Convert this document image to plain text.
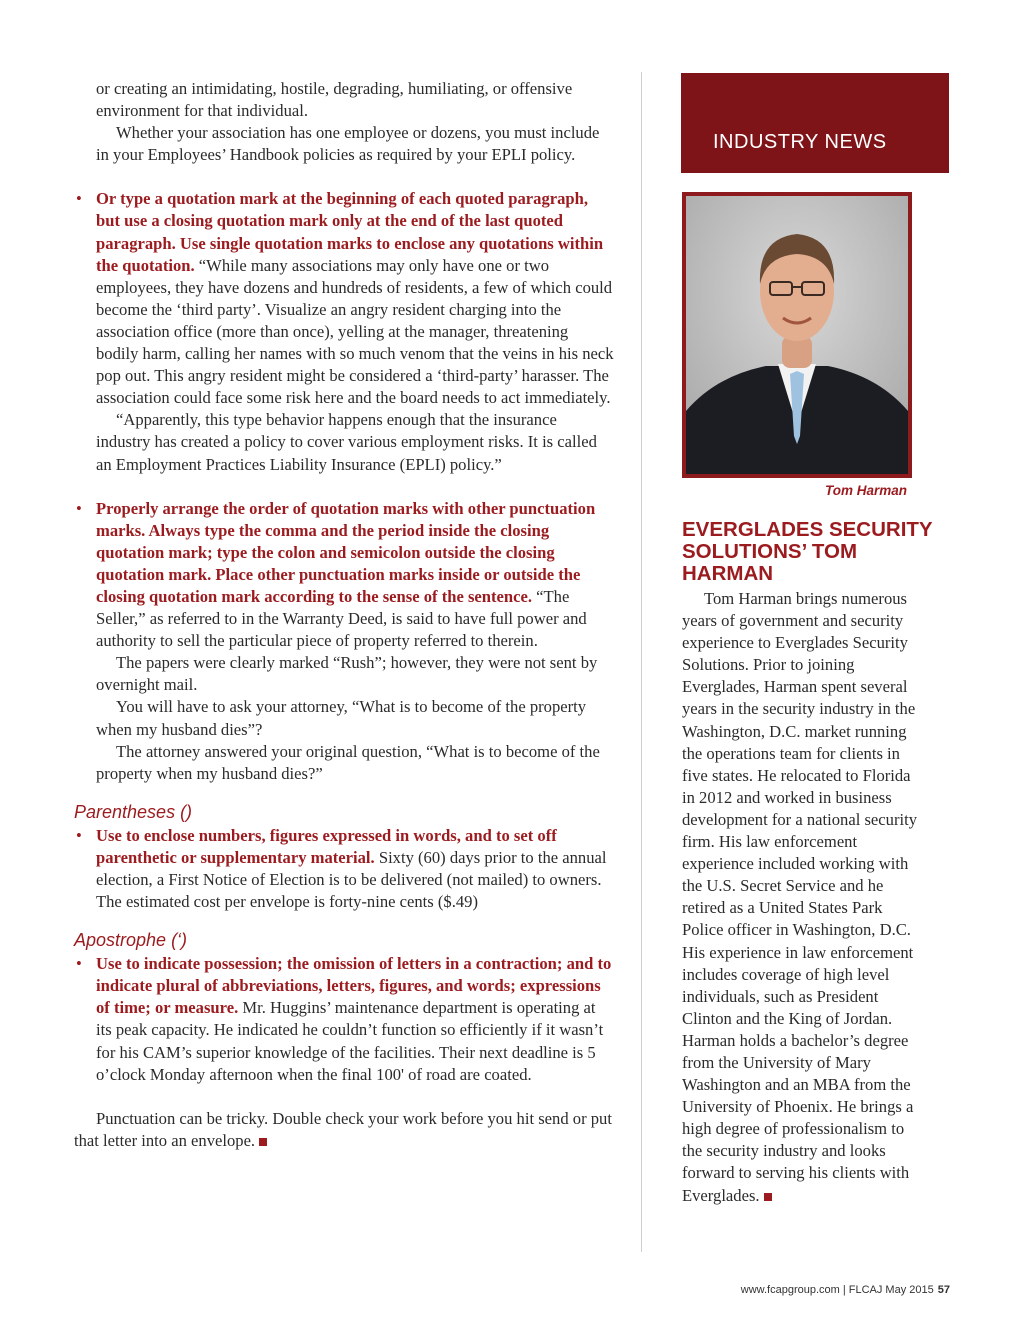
or creating an intimidating, hostile, degrading, humiliating, or offensive environment for that individual.

Whether your association has one employee or dozens, you must include in your Employees’ Handbook policies as required by your EPLI policy.

• Or type a quotation mark at the beginning of each quoted paragraph, but use a closing quotation mark only at the end of the last quoted paragraph. Use single quotation marks to enclose any quotations within the quotation. “While many associations may only have one or two employees, they have dozens and hundreds of residents, a few of which could become the ‘third party’. Visualize an angry resident charging into the association office (more than once), yelling at the manager, threatening bodily harm, calling her names with so much venom that the veins in his neck pop out. This angry resident might be considered a ‘third-party’ harasser. The association could face some risk here and the board needs to act immediately.

“Apparently, this type behavior happens enough that the insurance industry has created a policy to cover various employment risks. It is called an Employment Practices Liability Insurance (EPLI) policy.”

• Properly arrange the order of quotation marks with other punctuation marks. Always type the comma and the period inside the closing quotation mark; type the colon and semicolon outside the closing quotation mark. Place other punctuation marks inside or outside the closing quotation mark according to the sense of the sentence. “The Seller,” as referred to in the Warranty Deed, is said to have full power and authority to sell the particular piece of property referred to therein.

The papers were clearly marked “Rush”; however, they were not sent by overnight mail.

You will have to ask your attorney, “What is to become of the property when my husband dies”?

The attorney answered your original question, “What is to become of the property when my husband dies?”

Parentheses ()

• Use to enclose numbers, figures expressed in words, and to set off parenthetic or supplementary material. Sixty (60) days prior to the annual election, a First Notice of Election is to be delivered (not mailed) to owners. The estimated cost per envelope is forty-nine cents ($.49)

Apostrophe (‘)

• Use to indicate possession; the omission of letters in a contraction; and to indicate plural of abbreviations, letters, figures, and words; expressions of time; or measure. Mr. Huggins’ maintenance department is operating at its peak capacity. He indicated he couldn’t function so efficiently if it wasn’t for his CAM’s superior knowledge of the facilities. Their next deadline is 5 o’clock Monday afternoon when the final 100' of road are coated.

Punctuation can be tricky. Double check your work before you hit send or put that letter into an envelope.

INDUSTRY NEWS
Tom Harman
EVERGLADES SECURITY SOLUTIONS’ TOM HARMAN

Tom Harman brings numerous years of government and security experience to Everglades Security Solutions. Prior to joining Everglades, Harman spent several years in the security industry in the Washington, D.C. market running the operations team for clients in five states. He relocated to Florida in 2012 and worked in business development for a national security firm. His law enforcement experience included working with the U.S. Secret Service and he retired as a United States Park Police officer in Washington, D.C. His experience in law enforcement includes coverage of high level individuals, such as President Clinton and the King of Jordan. Harman holds a bachelor’s degree from the University of Mary Washington and an MBA from the University of Phoenix. He brings a high degree of professionalism to the security industry and looks forward to serving his clients with Everglades.

www.fcapgroup.com | FLCAJ May 2015 57
